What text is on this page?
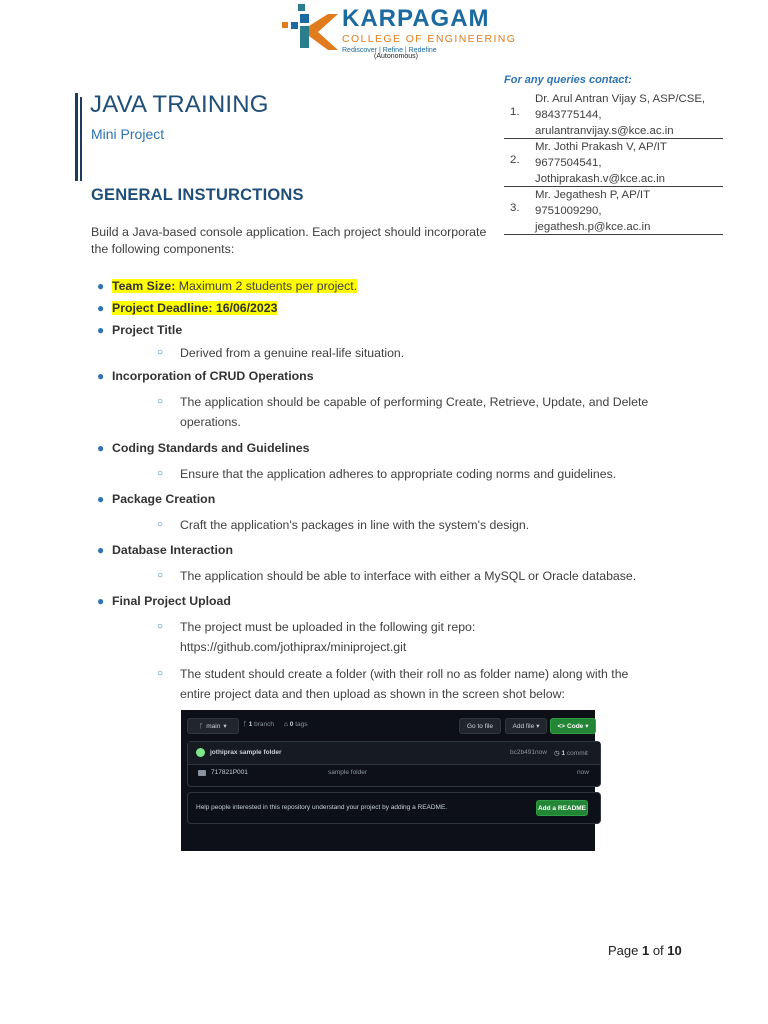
KARPAGAM
COLLEGE OF ENGINEERING
Rediscover | Refine | Redefine
(Autonomous)
JAVA TRAINING
Mini Project
GENERAL INSTURCTIONS
Build a Java-based console application. Each project should incorporate the following components:
For any queries contact:
1.
Dr. Arul Antran Vijay S, ASP/CSE,
9843775144,
arulantranvijay.s@kce.ac.in
2.
Mr. Jothi Prakash V, AP/IT
9677504541,
Jothiprakash.v@kce.ac.in
3.
Mr. Jegathesh P, AP/IT
9751009290,
jegathesh.p@kce.ac.in
● Team Size: Maximum 2 students per project.
● Project Deadline: 16/06/2023
● Project Title
○ Derived from a genuine real-life situation.
● Incorporation of CRUD Operations
○ The application should be capable of performing Create, Retrieve, Update, and Delete operations.
● Coding Standards and Guidelines
○ Ensure that the application adheres to appropriate coding norms and guidelines.
● Package Creation
○ Craft the application's packages in line with the system's design.
● Database Interaction
○ The application should be able to interface with either a MySQL or Oracle database.
● Final Project Upload
○ The project must be uploaded in the following git repo:
https://github.com/jothiprax/miniproject.git
○ The student should create a folder (with their roll no as folder name) along with the entire project data and then upload as shown in the screen shot below:
ᚴ main ▾	ᚴ 1 branch ⌂ 0 tags	Go to file	Add file ▾	<> Code ▾
jothiprax sample folder	bc2b491 now ◷ 1 commit
717821P001	sample folder	now
Help people interested in this repository understand your project by adding a README.	Add a README
Page 1 of 10
